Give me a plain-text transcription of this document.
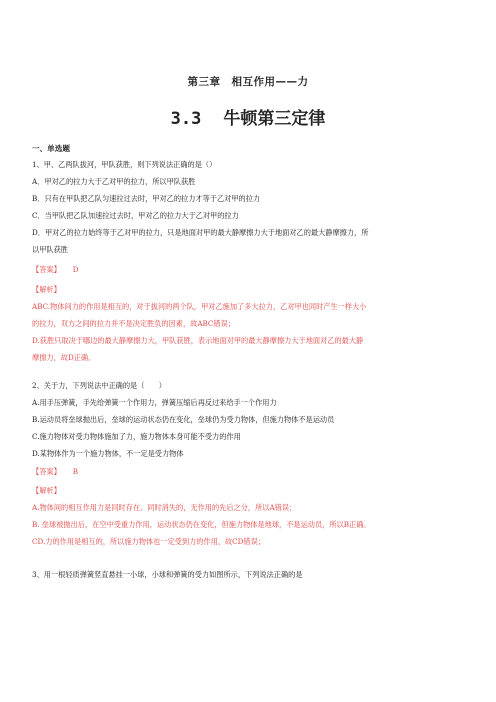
第三章　相互作用——力
3.3 牛顿第三定律
一、单选题
1、甲、乙两队拔河，甲队获胜，则下列说法正确的是（）
A．甲对乙的拉力大于乙对甲的拉力，所以甲队获胜
B．只有在甲队把乙队匀速拉过去时，甲对乙的拉力才等于乙对甲的拉力
C．当甲队把乙队加速拉过去时，甲对乙的拉力大于乙对甲的拉力
D．甲对乙的拉力始终等于乙对甲的拉力，只是地面对甲的最大静摩擦力大于地面对乙的最大静摩擦力，所
以甲队获胜
【答案】 D
【解析】
ABC.物体间力的作用是相互的，对于拔河的两个队，甲对乙施加了多大拉力，乙对甲也同时产生一样大小
的拉力，双方之间的拉力并不是决定胜负的因素，故ABC错误；
D.获胜只取决于哪边的最大静摩擦力大，甲队获胜，表示地面对甲的最大静摩擦力大于地面对乙的最大静
摩擦力，故D正确。
2、关于力，下列说法中正确的是（　　）
A.用手压弹簧，手先给弹簧一个作用力，弹簧压缩后再反过来给手一个作用力
B.运动员将垒球抛出后，垒球的运动状态仍在变化，垒球仍为受力物体，但施力物体不是运动员
C.施力物体对受力物体施加了力，施力物体本身可能不受力的作用
D.某物体作为一个施力物体，不一定是受力物体
【答案】 B
【解析】
A.物体间的相互作用力是同时存在、同时消失的，无作用的先后之分，所以A错误；
B. 垒球被抛出后，在空中受重力作用，运动状态仍在变化，但施力物体是地球，不是运动员，所以B正确。
CD.力的作用是相互的，所以施力物体也一定受到力的作用，故CD错误；
3、用一根轻质弹簧竖直悬挂一小球，小球和弹簧的受力如图所示，下列说法正确的是
